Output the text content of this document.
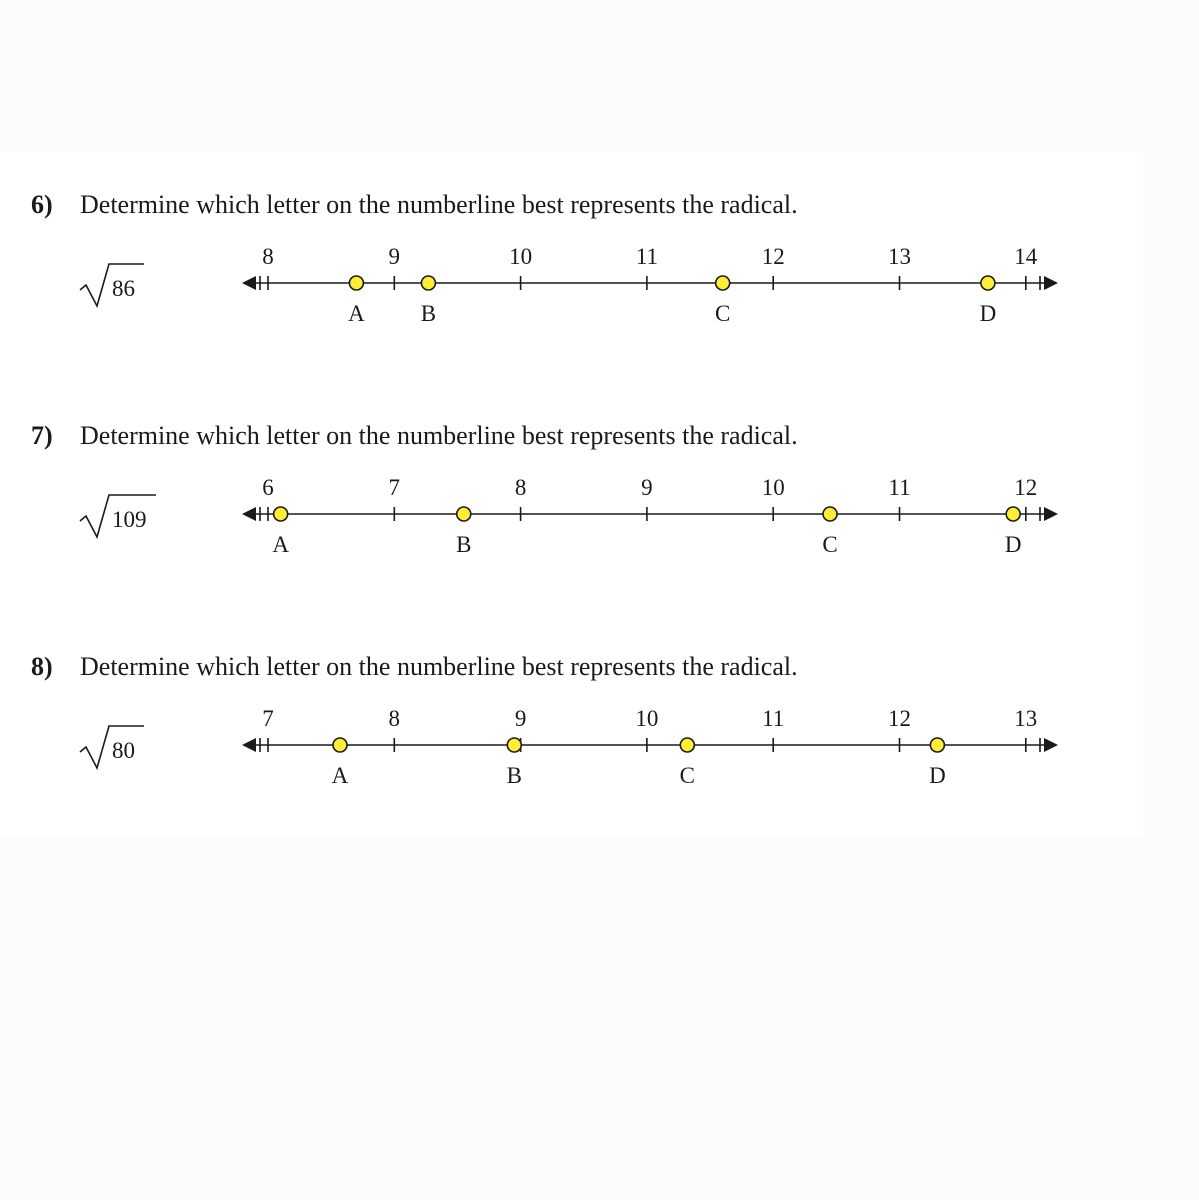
6) Determine which letter on the numberline best represents the radical.
86
8	9	10	11	12	13	14
A B	C	D
7) Determine which letter on the numberline best represents the radical.
109
6	7	8	9	10	11	12
A	B	C	D
8) Determine which letter on the numberline best represents the radical.
80
7	8	9	10	11	12	13
A	B	C	D
